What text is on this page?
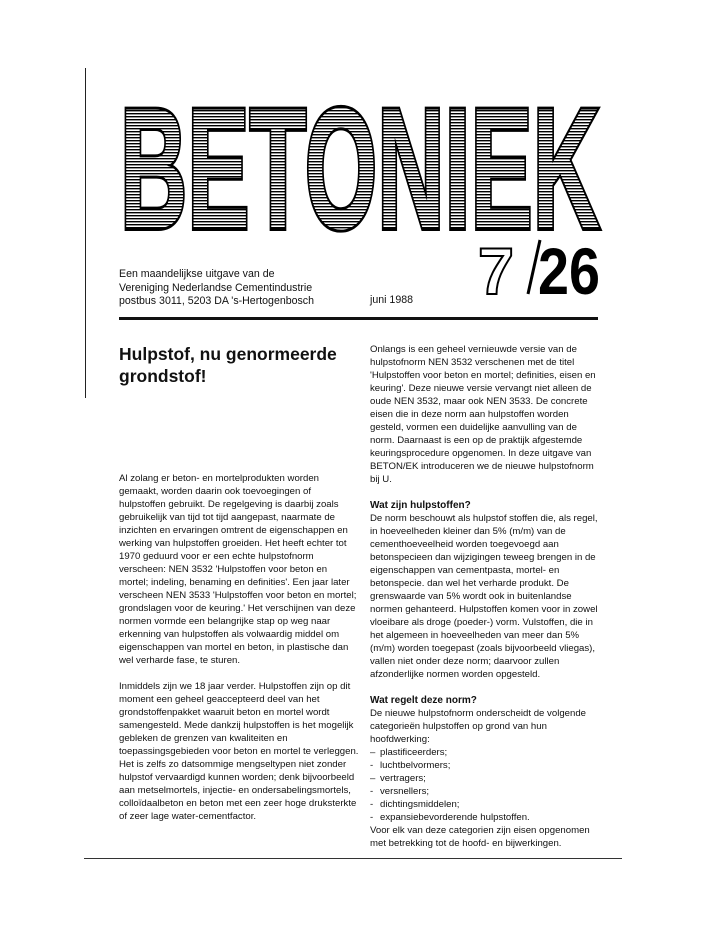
BETONIEK
Een maandelijkse uitgave van de
Vereniging Nederlandse Cementindustrie
postbus 3011, 5203 DA 's-Hertogenbosch	juni 1988 7 26
Hulpstof, nu genormeerde grondstof!

Al zolang er beton- en mortelprodukten worden gemaakt, worden daarin ook toevoegingen of hulpstoffen gebruikt. De regelgeving is daarbij zoals gebruikelijk van tijd tot tijd aangepast, naarmate de inzichten en ervaringen omtrent de eigenschappen en werking van hulpstoffen groeiden. Het heeft echter tot 1970 geduurd voor er een echte hulpstofnorm verscheen: NEN 3532 'Hulpstoffen voor beton en mortel; indeling, benaming en definities'. Een jaar later verscheen NEN 3533 'Hulpstoffen voor beton en mortel; grondslagen voor de keuring.' Het verschijnen van deze normen vormde een belangrijke stap op weg naar erkenning van hulpstoffen als volwaardig middel om eigenschappen van mortel en beton, in plastische dan wel verharde fase, te sturen.

Inmiddels zijn we 18 jaar verder. Hulpstoffen zijn op dit moment een geheel geaccepteerd deel van het grondstoffenpakket waaruit beton en mortel wordt samengesteld. Mede dankzij hulpstoffen is het mogelijk gebleken de grenzen van kwaliteiten en toepassingsgebieden voor beton en mortel te verleggen. Het is zelfs zo datsommige mengseltypen niet zonder hulpstof vervaardigd kunnen worden; denk bijvoorbeeld aan metselmortels, injectie- en ondersabelingsmortels, colloïdaalbeton en beton met een zeer hoge druksterkte of zeer lage water-cementfactor.

Onlangs is een geheel vernieuwde versie van de hulpstofnorm NEN 3532 verschenen met de titel 'Hulpstoffen voor beton en mortel; definities, eisen en keuring'. Deze nieuwe versie vervangt niet alleen de oude NEN 3532, maar ook NEN 3533. De concrete eisen die in deze norm aan hulpstoffen worden gesteld, vormen een duidelijke aanvulling van de norm. Daarnaast is een op de praktijk afgestemde keuringsprocedure opgenomen. In deze uitgave van BETON/EK introduceren we de nieuwe hulpstofnorm bij U.

Wat zijn hulpstoffen?

De norm beschouwt als hulpstof stoffen die, als regel, in hoeveelheden kleiner dan 5% (m/m) van de cementhoeveelheid worden toegevoegd aan betonspecieen dan wijzigingen teweeg brengen in de eigenschappen van cementpasta, mortel- en betonspecie. dan wel het verharde produkt. De grenswaarde van 5% wordt ook in buitenlandse normen gehanteerd. Hulpstoffen komen voor in zowel vloeibare als droge (poeder-) vorm. Vulstoffen, die in het algemeen in hoeveelheden van meer dan 5% (m/m) worden toegepast (zoals bijvoorbeeld vliegas), vallen niet onder deze norm; daarvoor zullen afzonderlijke normen worden opgesteld.

Wat regelt deze norm?

De nieuwe hulpstofnorm onderscheidt de volgende categorieën hulpstoffen op grond van hun hoofdwerking:

– plastificeerders;
- luchtbelvormers;
– vertragers;
- versnellers;
- dichtingsmiddelen;
- expansiebevorderende hulpstoffen.

Voor elk van deze categorien zijn eisen opgenomen met betrekking tot de hoofd- en bijwerkingen.
